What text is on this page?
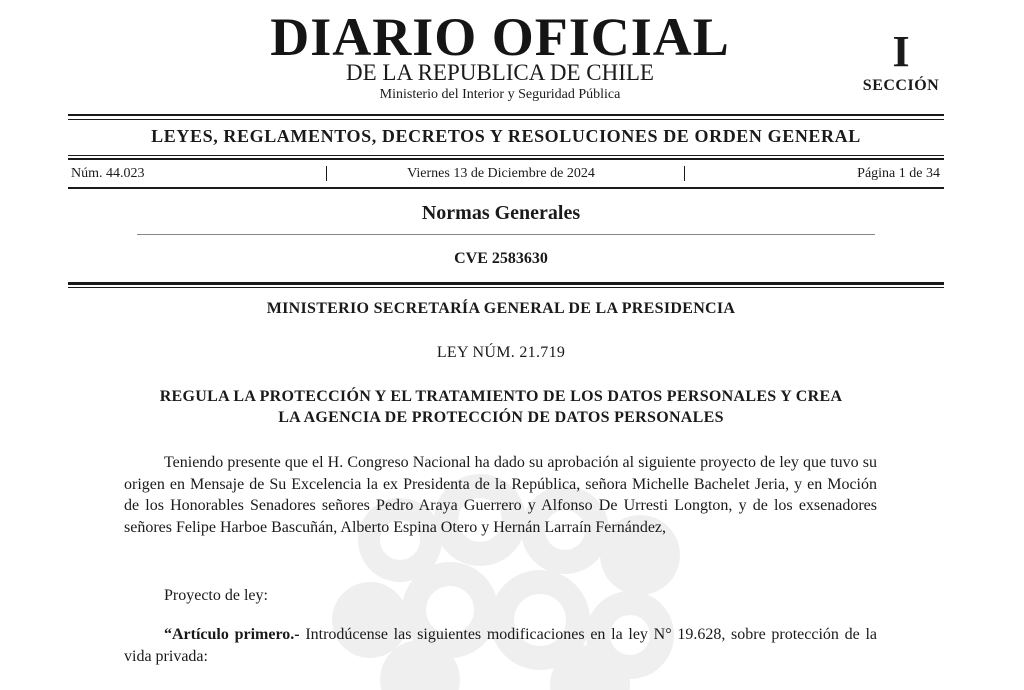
DIARIO OFICIAL
DE LA REPUBLICA DE CHILE
Ministerio del Interior y Seguridad Pública
I
SECCIÓN
LEYES, REGLAMENTOS, DECRETOS Y RESOLUCIONES DE ORDEN GENERAL
Núm. 44.023	Viernes 13 de Diciembre de 2024	Página 1 de 34
Normas Generales
CVE 2583630
MINISTERIO SECRETARÍA GENERAL DE LA PRESIDENCIA
LEY NÚM. 21.719
REGULA LA PROTECCIÓN Y EL TRATAMIENTO DE LOS DATOS PERSONALES Y CREA
LA AGENCIA DE PROTECCIÓN DE DATOS PERSONALES
Teniendo presente que el H. Congreso Nacional ha dado su aprobación al siguiente proyecto de ley que tuvo su origen en Mensaje de Su Excelencia la ex Presidenta de la República, señora Michelle Bachelet Jeria, y en Moción de los Honorables Senadores señores Pedro Araya Guerrero y Alfonso De Urresti Longton, y de los exsenadores señores Felipe Harboe Bascuñán, Alberto Espina Otero y Hernán Larraín Fernández,
Proyecto de ley:
“Artículo primero.- Introdúcense las siguientes modificaciones en la ley N° 19.628, sobre protección de la vida privada:
